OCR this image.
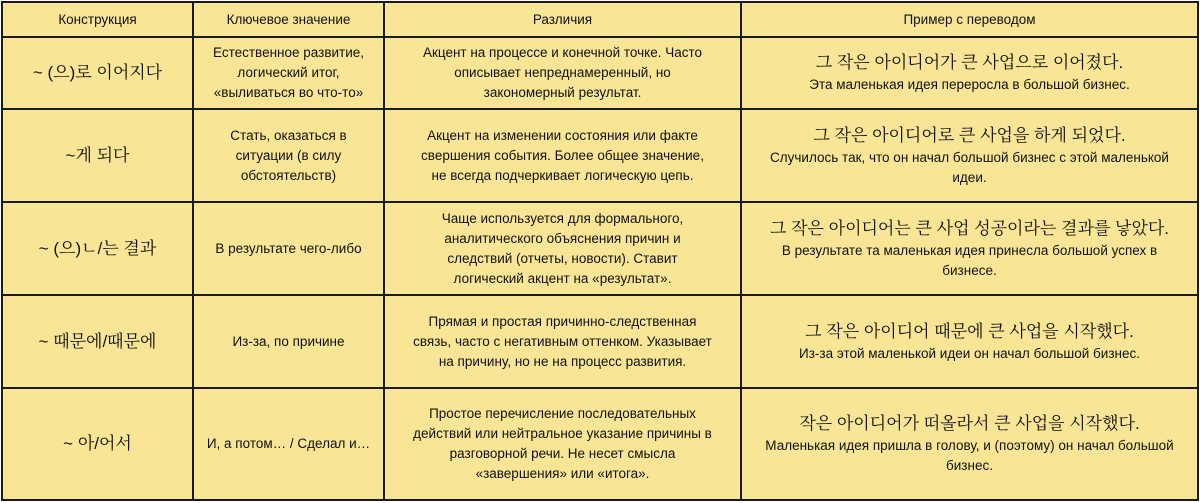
Конструкция	Ключевое значение	Различия	Пример с переводом
~ (으)로 이어지다	Естественное развитие, логический итог, «выливаться во что-то»	Акцент на процессе и конечной точке. Часто описывает непреднамеренный, но закономерный результат.	그 작은 아이디어가 큰 사업으로 이어졌다.
Эта маленькая идея переросла в большой бизнес.

~게 되다	Стать, оказаться в ситуации (в силу обстоятельств)	Акцент на изменении состояния или факте свершения события. Более общее значение, не всегда подчеркивает логическую цепь.	그 작은 아이디어로 큰 사업을 하게 되었다.
Случилось так, что он начал большой бизнес с этой маленькой идеи.

~ (으)ㄴ/는 결과	В результате чего-либо	Чаще используется для формального, аналитического объяснения причин и следствий (отчеты, новости). Ставит логический акцент на «результат».	그 작은 아이디어는 큰 사업 성공이라는 결과를 낳았다.
В результате та маленькая идея принесла большой успех в бизнесе.

~ 때문에/때문에	Из-за, по причине	Прямая и простая причинно-следственная связь, часто с негативным оттенком. Указывает на причину, но не на процесс развития.	그 작은 아이디어 때문에 큰 사업을 시작했다.
Из-за этой маленькой идеи он начал большой бизнес.

~ 아/어서	И, а потом… / Сделал и…	Простое перечисление последовательных действий или нейтральное указание причины в разговорной речи. Не несет смысла «завершения» или «итога».	작은 아이디어가 떠올라서 큰 사업을 시작했다.
Маленькая идея пришла в голову, и (поэтому) он начал большой бизнес.
